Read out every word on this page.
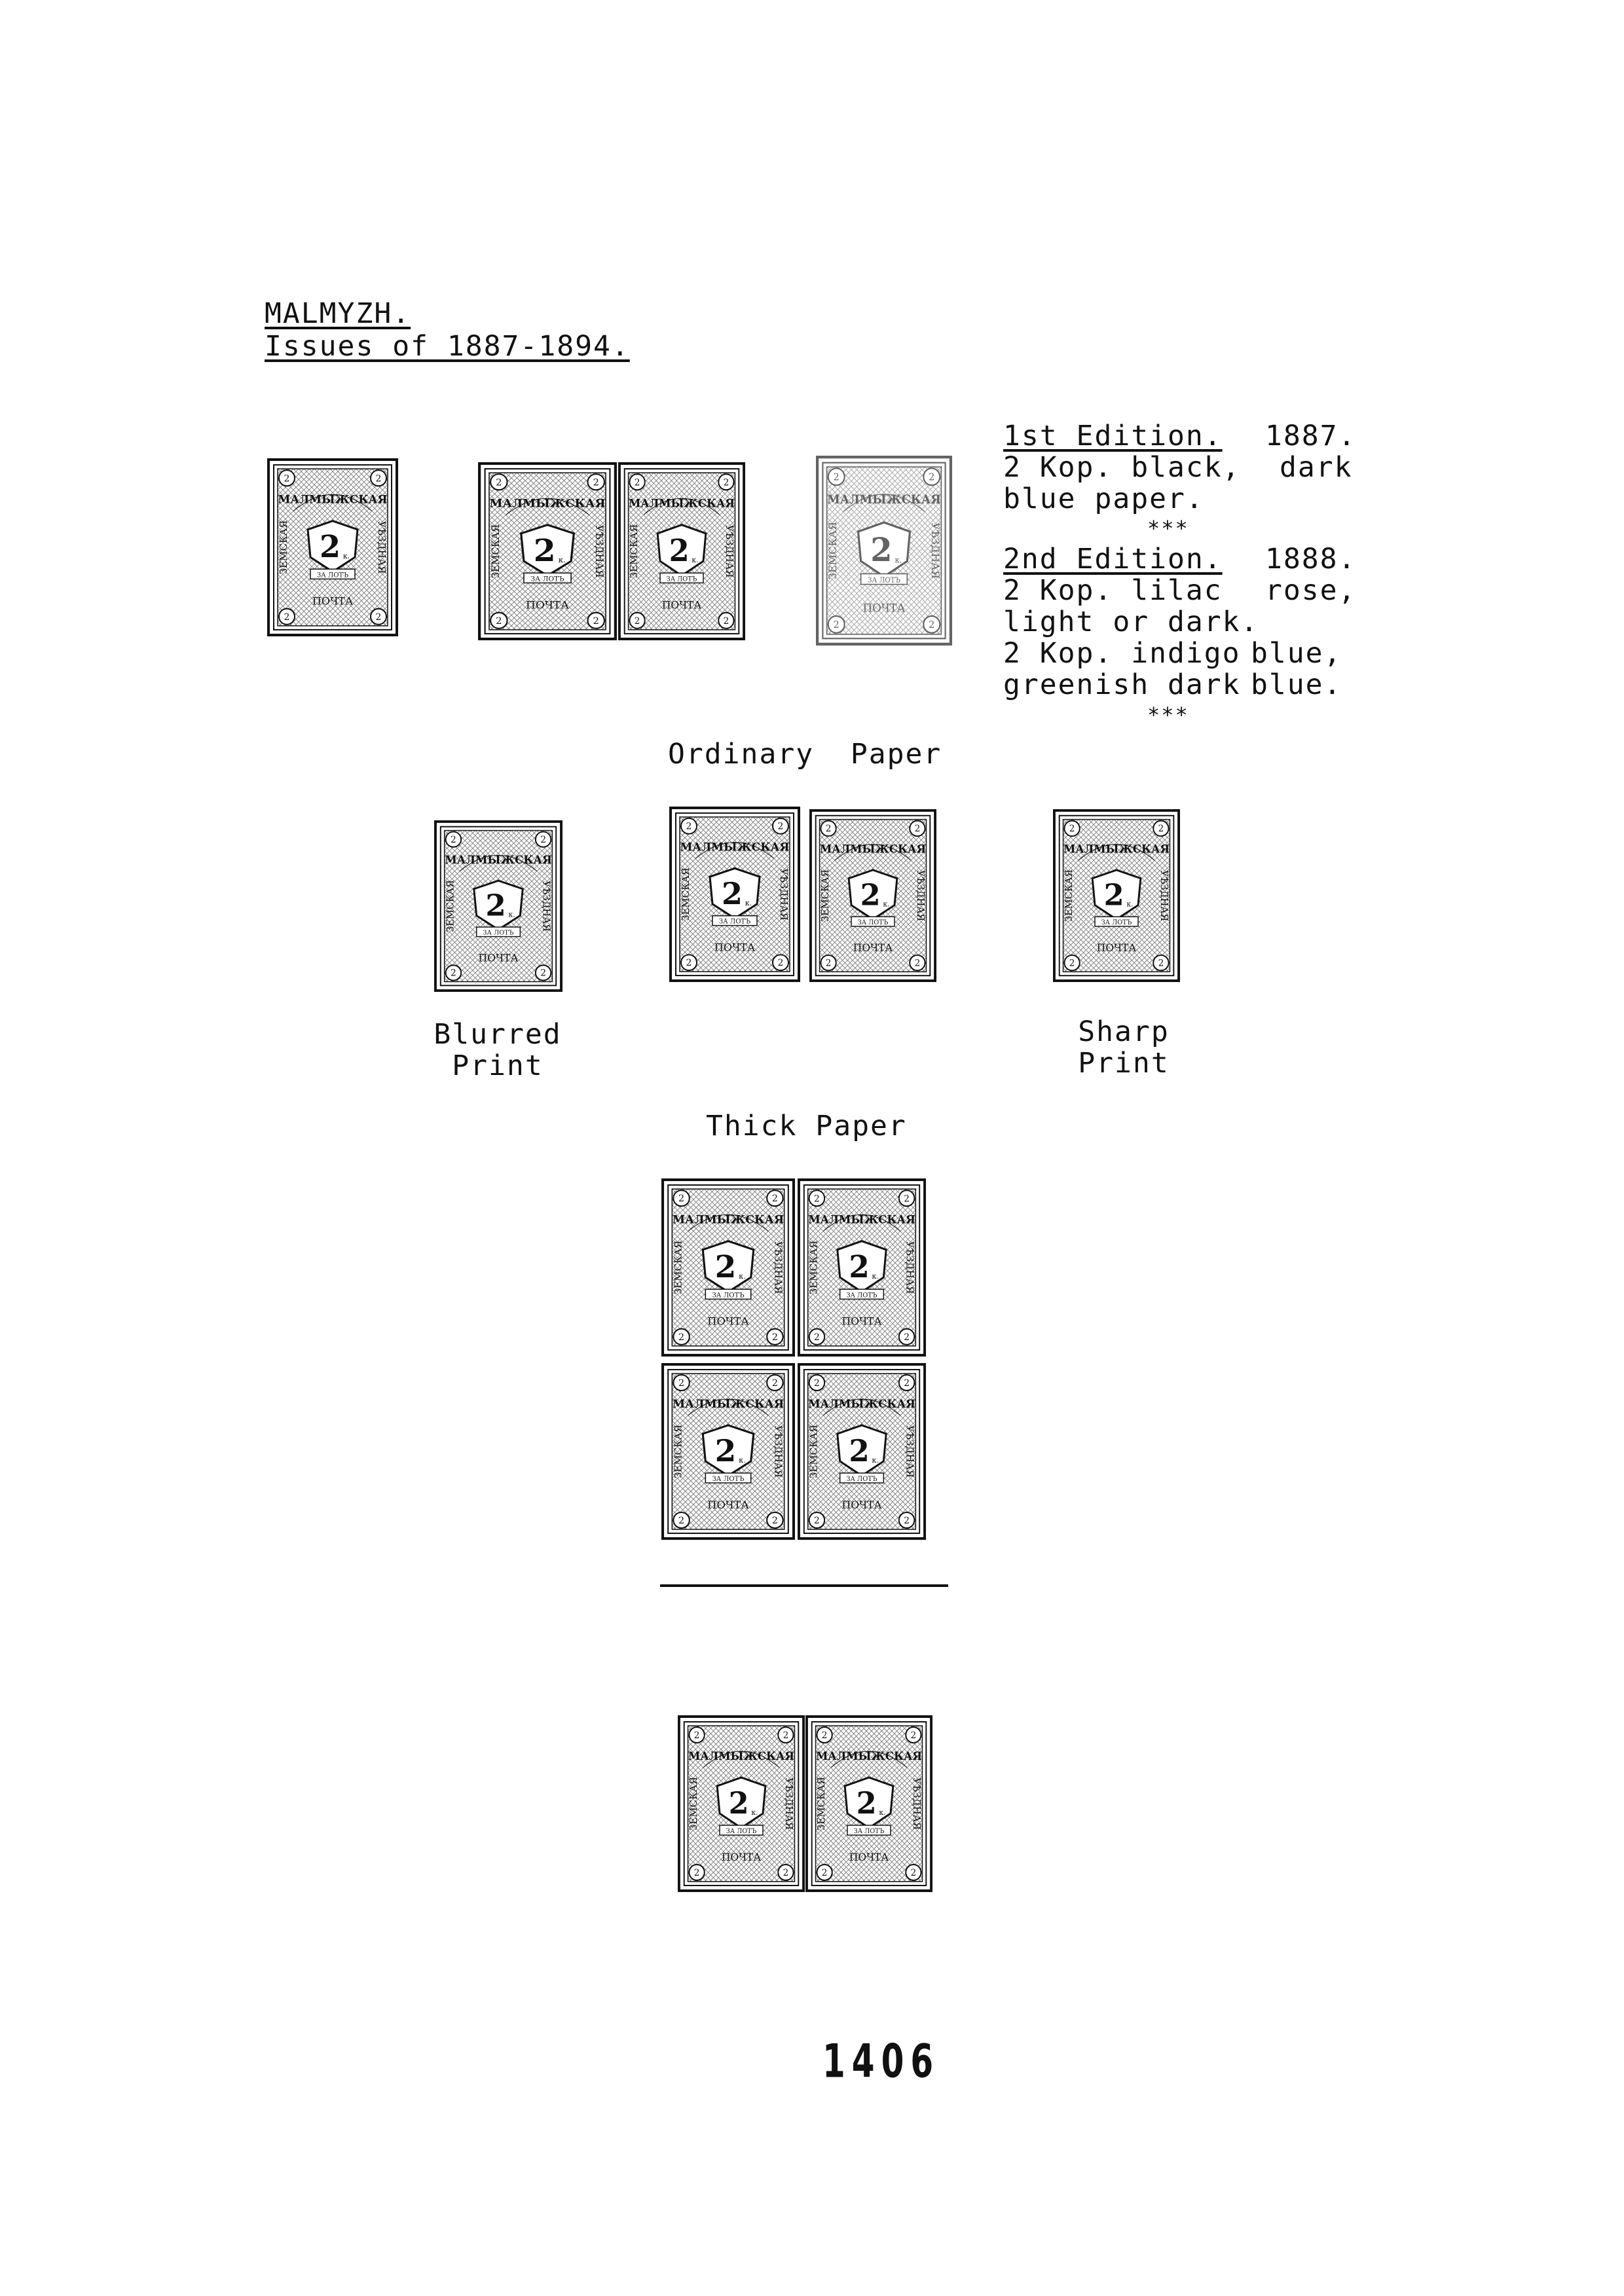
MALMYZH.
Issues of 1887-1894.
1st Edition. 1887.
2 Kop. black, dark
blue paper.
***
2nd Edition. 1888.
2 Kop. lilac rose,
light or dark.
2 Kop. indigo blue,
greenish dark blue.
***
Ordinary  Paper
Blurred
Print
Sharp
Print
Thick Paper
2	2
2	2
МАЛМЫЖСКАЯ
ЗЕМСКАЯ	УѢЗДНАЯ
2 к.
ЗА ЛОТЪ
ПОЧТА
2	2
2	2
МАЛМЫЖСКАЯ
ЗЕМСКАЯ	УѢЗДНАЯ
2 к.
ЗА ЛОТЪ
ПОЧТА
2	2
2	2
МАЛМЫЖСКАЯ
ЗЕМСКАЯ	УѢЗДНАЯ
2 к.
ЗА ЛОТЪ
ПОЧТА
2	2
2	2
МАЛМЫЖСКАЯ
ЗЕМСКАЯ	УѢЗДНАЯ
2 к.
ЗА ЛОТЪ
ПОЧТА
2	2
2	2
МАЛМЫЖСКАЯ
ЗЕМСКАЯ	УѢЗДНАЯ
2 к.
ЗА ЛОТЪ
ПОЧТА
2	2
2	2
МАЛМЫЖСКАЯ
ЗЕМСКАЯ	УѢЗДНАЯ
2 к.
ЗА ЛОТЪ
ПОЧТА
2	2
2	2
МАЛМЫЖСКАЯ
ЗЕМСКАЯ	УѢЗДНАЯ
2 к.
ЗА ЛОТЪ
ПОЧТА
2	2
2	2
МАЛМЫЖСКАЯ
ЗЕМСКАЯ	УѢЗДНАЯ
2 к.
ЗА ЛОТЪ
ПОЧТА
2	2
2	2
МАЛМЫЖСКАЯ
ЗЕМСКАЯ	УѢЗДНАЯ
2 к.
ЗА ЛОТЪ
ПОЧТА
2	2
2	2
МАЛМЫЖСКАЯ
ЗЕМСКАЯ	УѢЗДНАЯ
2 к.
ЗА ЛОТЪ
ПОЧТА
2	2
2	2
МАЛМЫЖСКАЯ
ЗЕМСКАЯ	УѢЗДНАЯ
2 к.
ЗА ЛОТЪ
ПОЧТА
2	2
2	2
МАЛМЫЖСКАЯ
ЗЕМСКАЯ	УѢЗДНАЯ
2 к.
ЗА ЛОТЪ
ПОЧТА
2	2
2	2
МАЛМЫЖСКАЯ
ЗЕМСКАЯ	УѢЗДНАЯ
2 к.
ЗА ЛОТЪ
ПОЧТА
2	2
2	2
МАЛМЫЖСКАЯ
ЗЕМСКАЯ	УѢЗДНАЯ
2 к.
ЗА ЛОТЪ
ПОЧТА
1406
